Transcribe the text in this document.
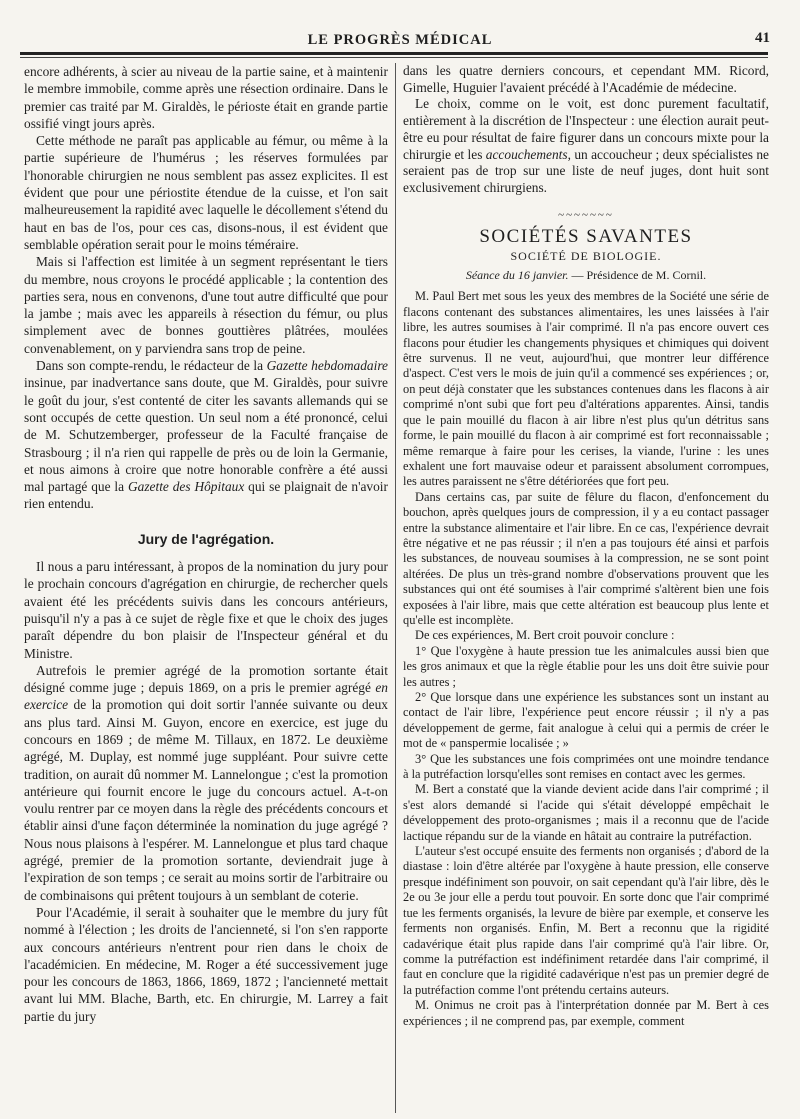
LE PROGRÈS MÉDICAL	41

encore adhérents, à scier au niveau de la partie saine, et à maintenir le membre immobile, comme après une résection ordinaire. Dans le premier cas traité par M. Giraldès, le périoste était en grande partie ossifié vingt jours après.

Cette méthode ne paraît pas applicable au fémur, ou même à la partie supérieure de l'humérus ; les réserves formulées par l'honorable chirurgien ne nous semblent pas assez explicites. Il est évident que pour une périostite étendue de la cuisse, et l'on sait malheureusement la rapidité avec laquelle le décollement s'étend du haut en bas de l'os, pour ces cas, disons-nous, il est évident que semblable opération serait pour le moins téméraire.

Mais si l'affection est limitée à un segment représentant le tiers du membre, nous croyons le procédé applicable ; la contention des parties sera, nous en convenons, d'une tout autre difficulté que pour la jambe ; mais avec les appareils à résection du fémur, ou plus simplement avec de bonnes gouttières plâtrées, moulées convenablement, on y parviendra sans trop de peine.

Dans son compte-rendu, le rédacteur de la Gazette hebdomadaire insinue, par inadvertance sans doute, que M. Giraldès, pour suivre le goût du jour, s'est contenté de citer les savants allemands qui se sont occupés de cette question. Un seul nom a été prononcé, celui de M. Schutzemberger, professeur de la Faculté française de Strasbourg ; il n'a rien qui rappelle de près ou de loin la Germanie, et nous aimons à croire que notre honorable confrère a été aussi mal partagé que la Gazette des Hôpitaux qui se plaignait de n'avoir rien entendu.

Jury de l'agrégation.

Il nous a paru intéressant, à propos de la nomination du jury pour le prochain concours d'agrégation en chirurgie, de rechercher quels avaient été les précédents suivis dans les concours antérieurs, puisqu'il n'y a pas à ce sujet de règle fixe et que le choix des juges paraît dépendre du bon plaisir de l'Inspecteur général et du Ministre.

Autrefois le premier agrégé de la promotion sortante était désigné comme juge ; depuis 1869, on a pris le premier agrégé en exercice de la promotion qui doit sortir l'année suivante ou deux ans plus tard. Ainsi M. Guyon, encore en exercice, est juge du concours en 1869 ; de même M. Tillaux, en 1872. Le deuxième agrégé, M. Duplay, est nommé juge suppléant. Pour suivre cette tradition, on aurait dû nommer M. Lannelongue ; c'est la promotion antérieure qui fournit encore le juge du concours actuel. A-t-on voulu rentrer par ce moyen dans la règle des précédents concours et établir ainsi d'une façon déterminée la nomination du juge agrégé ? Nous nous plaisons à l'espérer. M. Lannelongue et plus tard chaque agrégé, premier de la promotion sortante, deviendrait juge à l'expiration de son temps ; ce serait au moins sortir de l'arbitraire ou de combinaisons qui prêtent toujours à un semblant de coterie.

Pour l'Académie, il serait à souhaiter que le membre du jury fût nommé à l'élection ; les droits de l'ancienneté, si l'on s'en rapporte aux concours antérieurs n'entrent pour rien dans le choix de l'académicien. En médecine, M. Roger a été successivement juge pour les concours de 1863, 1866, 1869, 1872 ; l'ancienneté mettait avant lui MM. Blache, Barth, etc. En chirurgie, M. Larrey a fait partie du jury

dans les quatre derniers concours, et cependant MM. Ricord, Gimelle, Huguier l'avaient précédé à l'Académie de médecine.

Le choix, comme on le voit, est donc purement facultatif, entièrement à la discrétion de l'Inspecteur : une élection aurait peut-être eu pour résultat de faire figurer dans un concours mixte pour la chirurgie et les accouchements, un accoucheur ; deux spécialistes ne seraient pas de trop sur une liste de neuf juges, dont huit sont exclusivement chirurgiens.

~~~~~~~
SOCIÉTÉS SAVANTES
SOCIÉTÉ DE BIOLOGIE.
Séance du 16 janvier. — Présidence de M. Cornil.

M. Paul Bert met sous les yeux des membres de la Société une série de flacons contenant des substances alimentaires, les unes laissées à l'air libre, les autres soumises à l'air comprimé. Il n'a pas encore ouvert ces flacons pour étudier les changements physiques et chimiques qui doivent être survenus. Il ne veut, aujourd'hui, que montrer leur différence d'aspect. C'est vers le mois de juin qu'il a commencé ses expériences ; or, on peut déjà constater que les substances contenues dans les flacons à air comprimé n'ont subi que fort peu d'altérations apparentes. Ainsi, tandis que le pain mouillé du flacon à air libre n'est plus qu'un détritus sans forme, le pain mouillé du flacon à air comprimé est fort reconnaissable ; même remarque à faire pour les cerises, la viande, l'urine : les unes exhalent une fort mauvaise odeur et paraissent absolument corrompues, les autres paraissent ne s'être détériorées que fort peu.

Dans certains cas, par suite de fêlure du flacon, d'enfoncement du bouchon, après quelques jours de compression, il y a eu contact passager entre la substance alimentaire et l'air libre. En ce cas, l'expérience devrait être négative et ne pas réussir ; il n'en a pas toujours été ainsi et parfois les substances, de nouveau soumises à la compression, ne se sont point altérées. De plus un très-grand nombre d'observations prouvent que les substances qui ont été soumises à l'air comprimé s'altèrent bien une fois exposées à l'air libre, mais que cette altération est beaucoup plus lente et qu'elle est incomplète.

De ces expériences, M. Bert croit pouvoir conclure :

1° Que l'oxygène à haute pression tue les animalcules aussi bien que les gros animaux et que la règle établie pour les uns doit être suivie pour les autres ;

2° Que lorsque dans une expérience les substances sont un instant au contact de l'air libre, l'expérience peut encore réussir ; il n'y a pas développement de germe, fait analogue à celui qui a permis de créer le mot de « panspermie localisée ; »

3° Que les substances une fois comprimées ont une moindre tendance à la putréfaction lorsqu'elles sont remises en contact avec les germes.

M. Bert a constaté que la viande devient acide dans l'air comprimé ; il s'est alors demandé si l'acide qui s'était développé empêchait le développement des proto-organismes ; mais il a reconnu que de l'acide lactique répandu sur de la viande en hâtait au contraire la putréfaction.

L'auteur s'est occupé ensuite des ferments non organisés ; d'abord de la diastase : loin d'être altérée par l'oxygène à haute pression, elle conserve presque indéfiniment son pouvoir, on sait cependant qu'à l'air libre, dès le 2e ou 3e jour elle a perdu tout pouvoir. En sorte donc que l'air comprimé tue les ferments organisés, la levure de bière par exemple, et conserve les ferments non organisés. Enfin, M. Bert a reconnu que la rigidité cadavérique était plus rapide dans l'air comprimé qu'à l'air libre. Or, comme la putréfaction est indéfiniment retardée dans l'air comprimé, il faut en conclure que la rigidité cadavérique n'est pas un premier degré de la putréfaction comme l'ont prétendu certains auteurs.

M. Onimus ne croit pas à l'interprétation donnée par M. Bert à ces expériences ; il ne comprend pas, par exemple, comment
